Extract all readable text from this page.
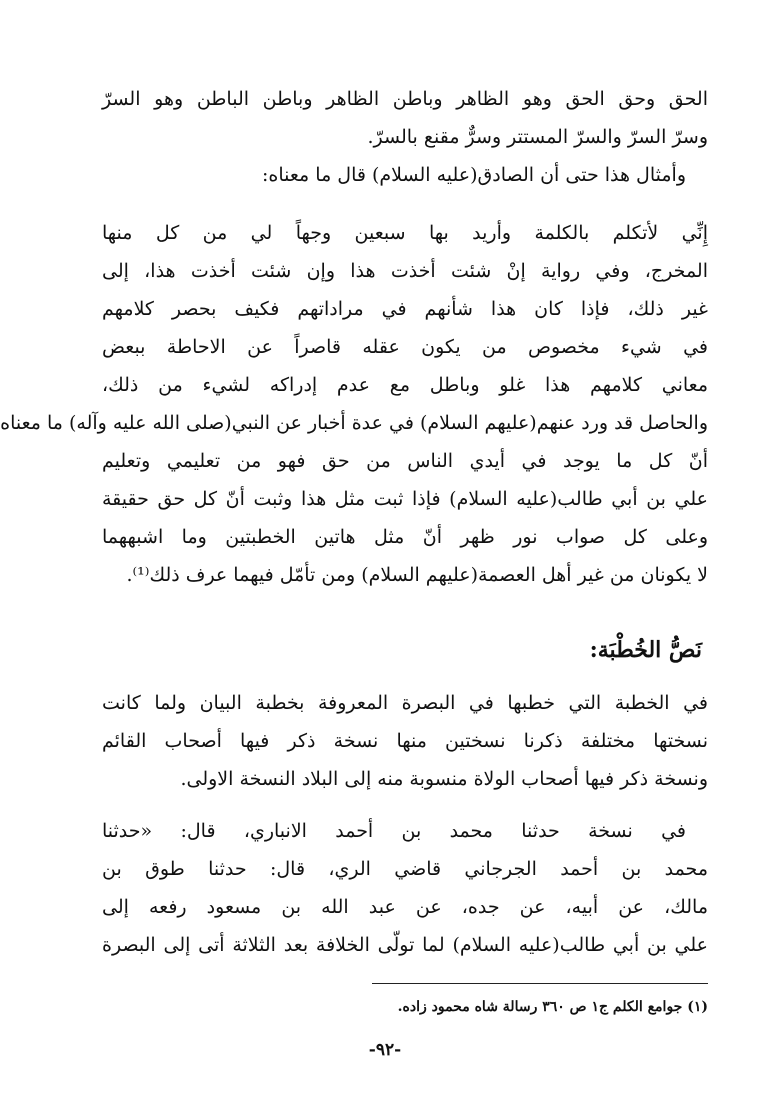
الحق وحق الحق وهو الظاهر وباطن الظاهر وباطن الباطن وهو السرّ
وسرّ السرّ والسرّ المستتر وسرٌّ مقنع بالسرّ.
وأمثال هذا حتى أن الصادق(عليه السلام) قال ما معناه:
إِنِّي لأتكلم بالكلمة وأريد بها سبعين وجهاً لي من كل منها
المخرج، وفي رواية إنْ شئت أخذت هذا وإن شئت أخذت هذا، إلى
غير ذلك، فإذا كان هذا شأنهم في مراداتهم فكيف بحصر كلامهم
في شيء مخصوص من يكون عقله قاصراً عن الاحاطة ببعض
معاني كلامهم هذا غلو وباطل مع عدم إدراكه لشيء من ذلك،
والحاصل قد ورد عنهم(عليهم السلام) في عدة أخبار عن النبي(صلى الله عليه وآله) ما معناه
أنّ كل ما يوجد في أيدي الناس من حق فهو من تعليمي وتعليم
علي بن أبي طالب(عليه السلام) فإذا ثبت مثل هذا وثبت أنّ كل حق حقيقة
وعلى كل صواب نور ظهر أنّ مثل هاتين الخطبتين وما اشبههما
لا يكونان من غير أهل العصمة(عليهم السلام) ومن تأمّل فيهما عرف ذلك⁽¹⁾.
نَصُّ الخُطْبَة:
في الخطبة التي خطبها في البصرة المعروفة بخطبة البيان ولما كانت
نسختها مختلفة ذكرنا نسختين منها نسخة ذكر فيها أصحاب القائم
ونسخة ذكر فيها أصحاب الولاة منسوبة منه إلى البلاد النسخة الاولى.
في نسخة حدثنا محمد بن أحمد الانباري، قال: «حدثنا
محمد بن أحمد الجرجاني قاضي الري، قال: حدثنا طوق بن
مالك، عن أبيه، عن جده، عن عبد الله بن مسعود رفعه إلى
علي بن أبي طالب(عليه السلام) لما تولّى الخلافة بعد الثلاثة أتى إلى البصرة
(١) جوامع الكلم ج١ ص ٣٦٠ رسالة شاه محمود زاده.
-٩٢-
